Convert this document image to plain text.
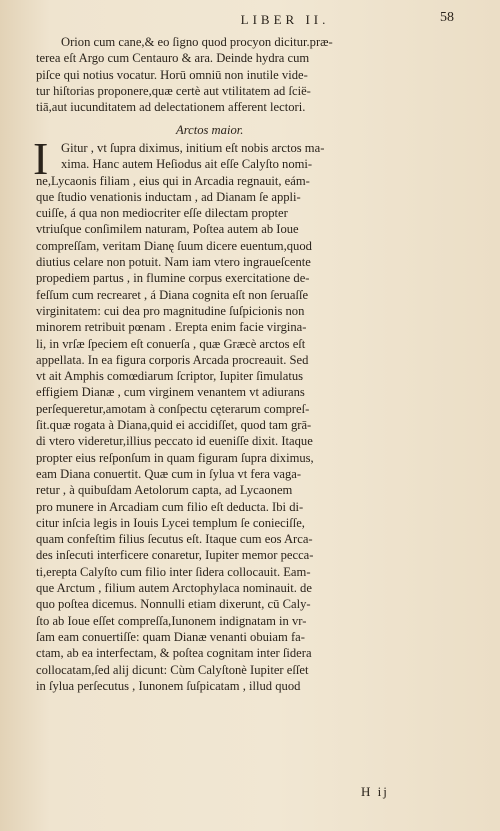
LIBER II.	58
Orion cum cane,& eo ſigno quod procyon dicitur.præ-
terea eſt Argo cum Centauro & ara. Deinde hydra cum
piſce qui notius vocatur. Horū omniū non inutile vide-
tur hiſtorias proponere,quæ certè aut vtilitatem ad ſcië-
tiā,aut iucunditatem ad delectationem afferent lectori.
Arctos maior.
I	Gitur , vt ſupra diximus, initium eſt nobis arctos ma-
xima. Hanc autem Heſiodus ait eſſe Calyſto nomi-
ne,Lycaonis filiam , eius qui in Arcadia regnauit, eám-
que ſtudio venationis inductam , ad Dianam ſe appli-
cuiſſe, á qua non mediocriter eſſe dilectam propter
vtriuſque conſimilem naturam, Poſtea autem ab Ioue
compreſſam, veritam Dianę ſuum dicere euentum,quod
diutius celare non potuit. Nam iam vtero ingraueſcente
propediem partus , in flumine corpus exercitatione de-
feſſum cum recrearet , á Diana cognita eſt non ſeruaſſe
virginitatem: cui dea pro magnitudine ſuſpicionis non
minorem retribuit pœnam . Erepta enim facie virgina-
li, in vrſæ ſpeciem eſt conuerſa , quæ Græcè arctos eſt
appellata. In ea figura corporis Arcada procreauit. Sed
vt ait Amphis comœdiarum ſcriptor, Iupiter ſimulatus
effigiem Dianæ , cum virginem venantem vt adiurans
perſequeretur,amotam à conſpectu cęterarum compreſ-
ſit.quæ rogata à Diana,quid ei accidiſſet, quod tam grā-
di vtero videretur,illius peccato id eueniſſe dixit. Itaque
propter eius reſponſum in quam figuram ſupra diximus,
eam Diana conuertit. Quæ cum in ſylua vt fera vaga-
retur , à quibuſdam Aetolorum capta, ad Lycaonem
pro munere in Arcadiam cum filio eſt deducta. Ibi di-
citur inſcia legis in Iouis Lycei templum ſe conieciſſe,
quam confeſtim filius ſecutus eſt. Itaque cum eos Arca-
des inſecuti interficere conaretur, Iupiter memor pecca-
ti,erepta Calyſto cum filio inter ſidera collocauit. Eam-
que Arctum , filium autem Arctophylaca nominauit. de
quo poſtea dicemus. Nonnulli etiam dixerunt, cū Caly-
ſto ab Ioue eſſet compreſſa,Iunonem indignatam in vr-
ſam eam conuertiſſe: quam Dianæ venanti obuiam fa-
ctam, ab ea interfectam, & poſtea cognitam inter ſidera
collocatam,ſed alij dicunt: Cùm Calyſtonè Iupiter eſſet
in ſylua perſecutus , Iunonem ſuſpicatam , illud quod
H ij
